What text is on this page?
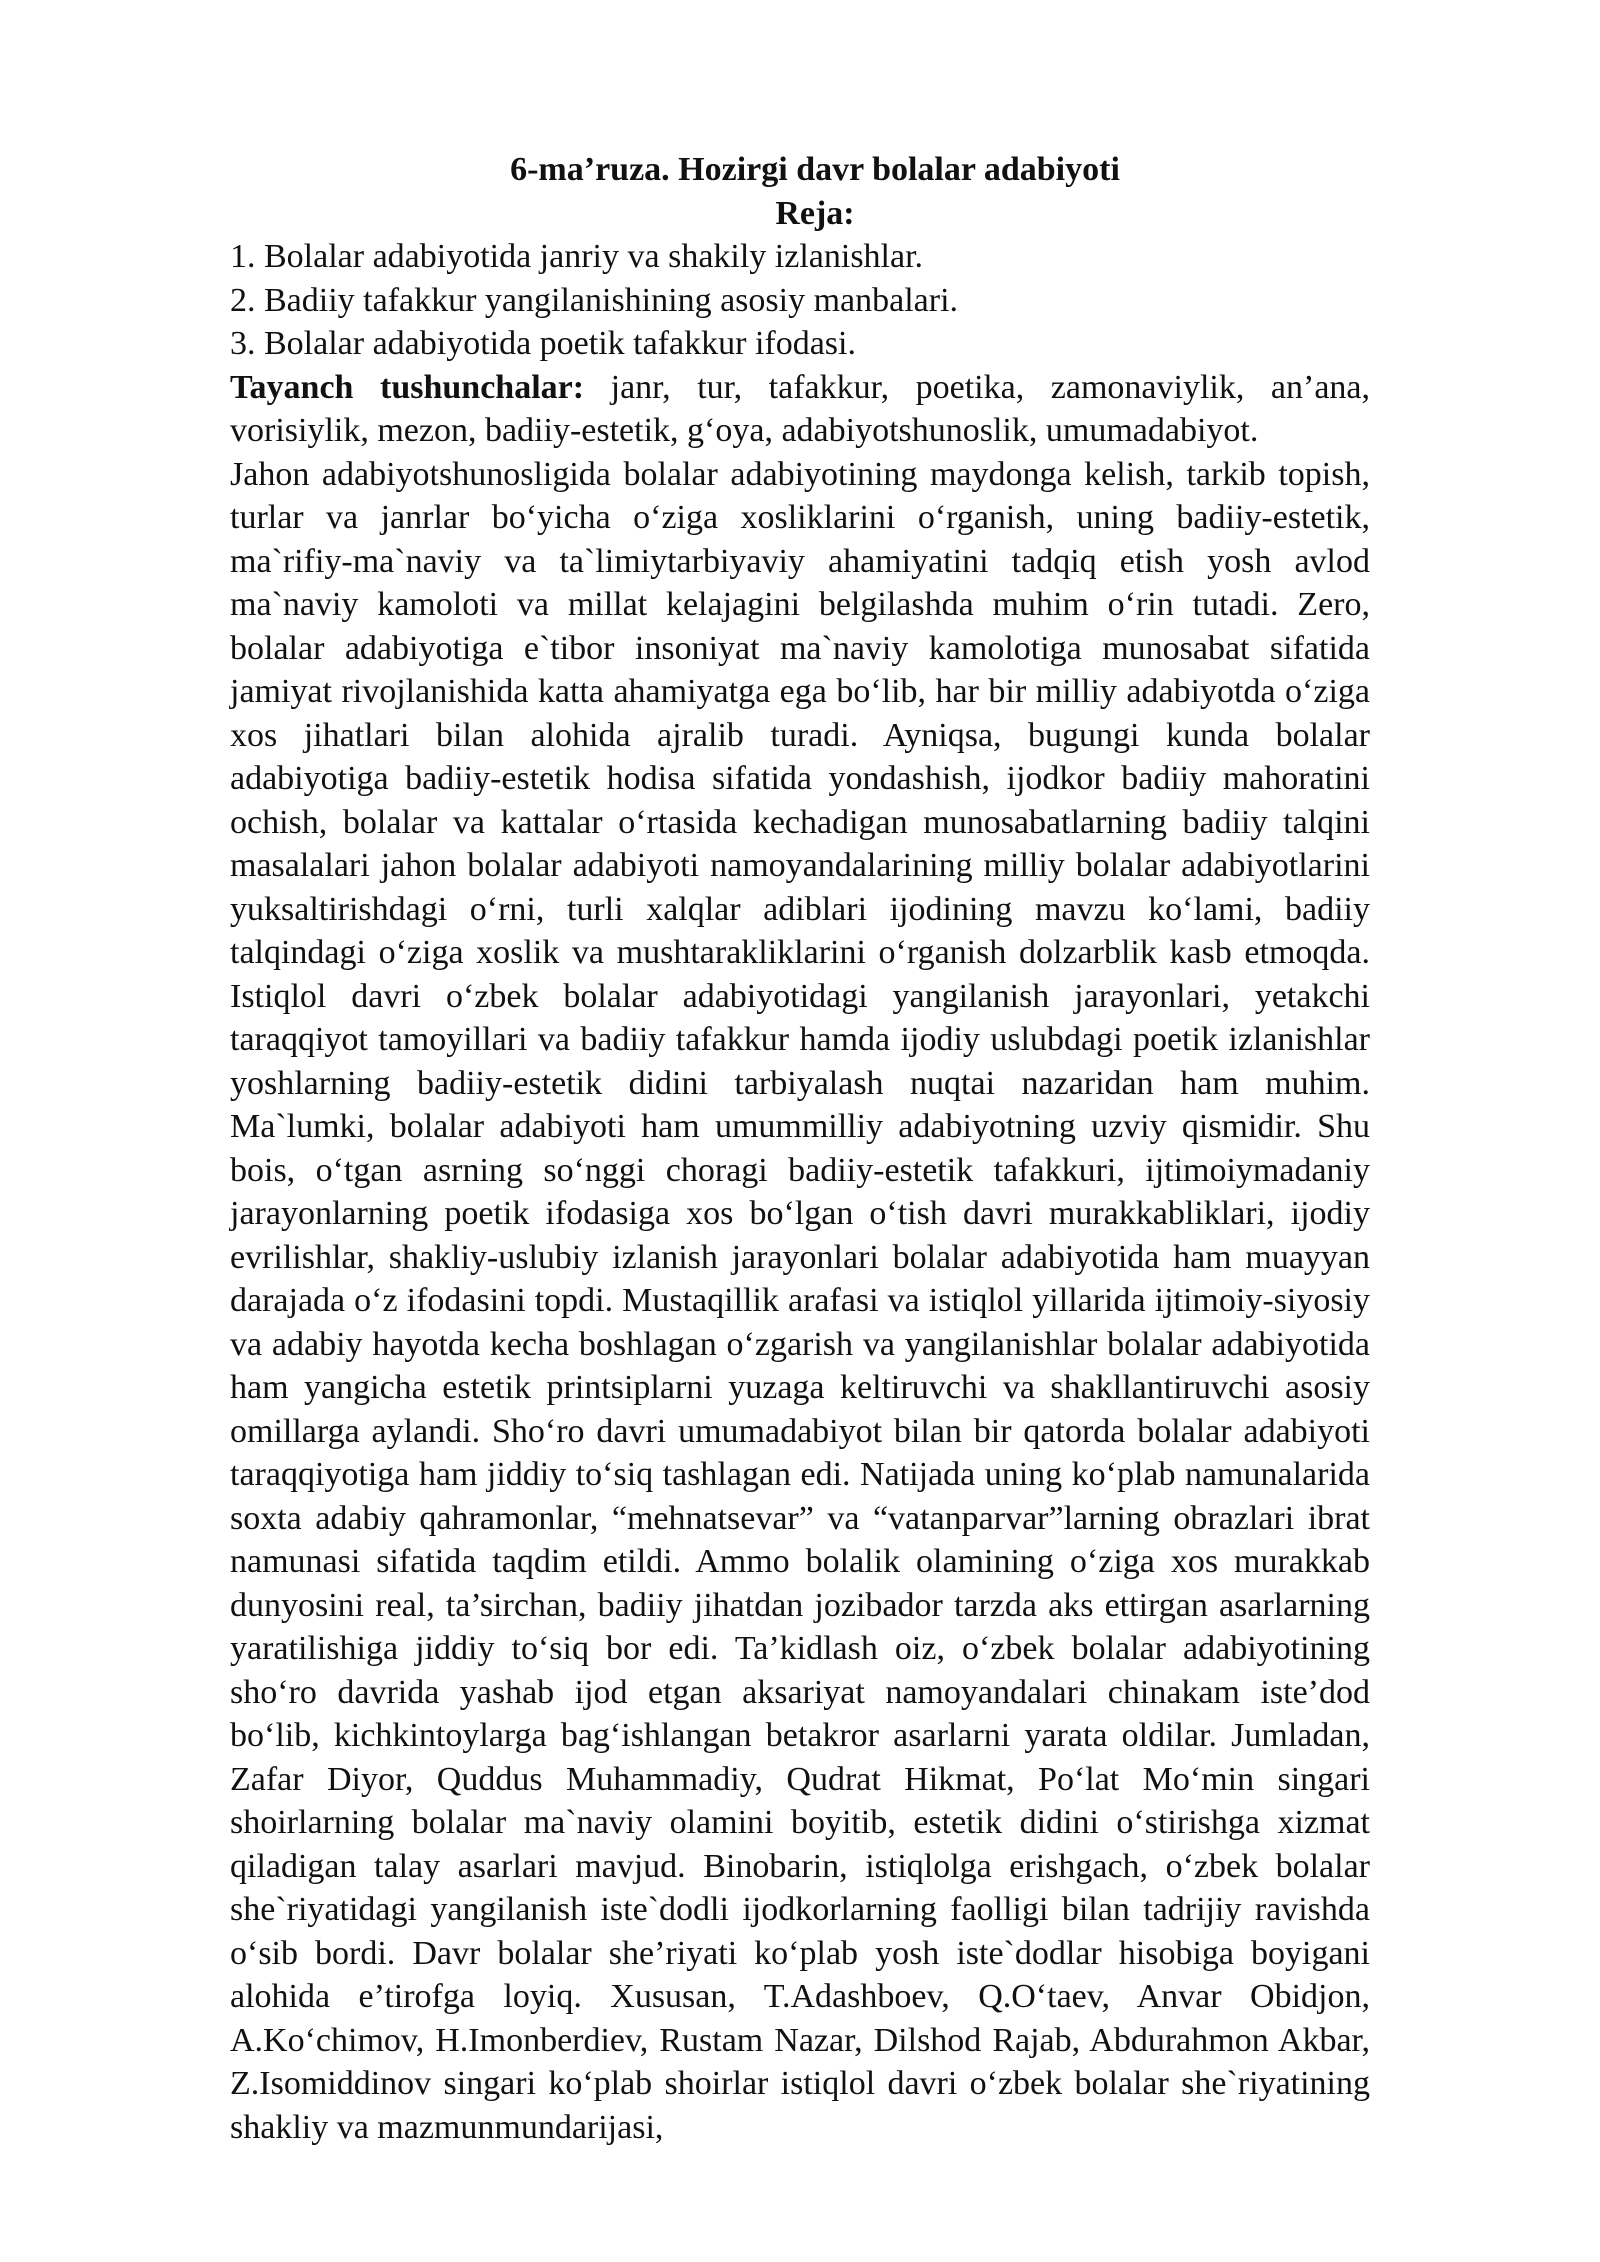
6-ma’ruza. Hozirgi davr bolalar adabiyoti

Reja:

1. Bolalar adabiyotida janriy va shakily izlanishlar.
2. Badiiy tafakkur yangilanishining asosiy manbalari.
3. Bolalar adabiyotida poetik tafakkur ifodasi.

Tayanch tushunchalar: janr, tur, tafakkur, poetika, zamonaviylik, an’ana, vorisiylik, mezon, badiiy-estetik, g‘oya, adabiyotshunoslik, umumadabiyot.

Jahon adabiyotshunosligida bolalar adabiyotining maydonga kelish, tarkib topish, turlar va janrlar bo‘yicha o‘ziga xosliklarini o‘rganish, uning badiiy-estetik, ma`rifiy-ma`naviy va ta`limiytarbiyaviy ahamiyatini tadqiq etish yosh avlod ma`naviy kamoloti va millat kelajagini belgilashda muhim o‘rin tutadi. Zero, bolalar adabiyotiga e`tibor insoniyat ma`naviy kamolotiga munosabat sifatida jamiyat rivojlanishida katta ahamiyatga ega bo‘lib, har bir milliy adabiyotda o‘ziga xos jihatlari bilan alohida ajralib turadi. Ayniqsa, bugungi kunda bolalar adabiyotiga badiiy-estetik hodisa sifatida yondashish, ijodkor badiiy mahoratini ochish, bolalar va kattalar o‘rtasida kechadigan munosabatlarning badiiy talqini masalalari jahon bolalar adabiyoti namoyandalarining milliy bolalar adabiyotlarini yuksaltirishdagi o‘rni, turli xalqlar adiblari ijodining mavzu ko‘lami, badiiy talqindagi o‘ziga xoslik va mushtarakliklarini o‘rganish dolzarblik kasb etmoqda. Istiqlol davri o‘zbek bolalar adabiyotidagi yangilanish jarayonlari, yetakchi taraqqiyot tamoyillari va badiiy tafakkur hamda ijodiy uslubdagi poetik izlanishlar yoshlarning badiiy-estetik didini tarbiyalash nuqtai nazaridan ham muhim. Ma`lumki, bolalar adabiyoti ham umummilliy adabiyotning uzviy qismidir. Shu bois, o‘tgan asrning so‘nggi choragi badiiy-estetik tafakkuri, ijtimoiymadaniy jarayonlarning poetik ifodasiga xos bo‘lgan o‘tish davri murakkabliklari, ijodiy evrilishlar, shakliy-uslubiy izlanish jarayonlari bolalar adabiyotida ham muayyan darajada o‘z ifodasini topdi. Mustaqillik arafasi va istiqlol yillarida ijtimoiy-siyosiy va adabiy hayotda kecha boshlagan o‘zgarish va yangilanishlar bolalar adabiyotida ham yangicha estetik printsiplarni yuzaga keltiruvchi va shakllantiruvchi asosiy omillarga aylandi. Sho‘ro davri umumadabiyot bilan bir qatorda bolalar adabiyoti taraqqiyotiga ham jiddiy to‘siq tashlagan edi. Natijada uning ko‘plab namunalarida soxta adabiy qahramonlar, “mehnatsevar” va “vatanparvar”larning obrazlari ibrat namunasi sifatida taqdim etildi. Ammo bolalik olamining o‘ziga xos murakkab dunyosini real, ta’sirchan, badiiy jihatdan jozibador tarzda aks ettirgan asarlarning yaratilishiga jiddiy to‘siq bor edi. Ta’kidlash oiz, o‘zbek bolalar adabiyotining sho‘ro davrida yashab ijod etgan aksariyat namoyandalari chinakam iste’dod bo‘lib, kichkintoylarga bag‘ishlangan betakror asarlarni yarata oldilar. Jumladan, Zafar Diyor, Quddus Muhammadiy, Qudrat Hikmat, Po‘lat Mo‘min singari shoirlarning bolalar ma`naviy olamini boyitib, estetik didini o‘stirishga xizmat qiladigan talay asarlari mavjud. Binobarin, istiqlolga erishgach, o‘zbek bolalar she`riyatidagi yangilanish iste`dodli ijodkorlarning faolligi bilan tadrijiy ravishda o‘sib bordi. Davr bolalar she’riyati ko‘plab yosh iste`dodlar hisobiga boyigani alohida e’tirofga loyiq. Xususan, T.Adashboev, Q.O‘taev, Anvar Obidjon, A.Ko‘chimov, H.Imonberdiev, Rustam Nazar, Dilshod Rajab, Abdurahmon Akbar, Z.Isomiddinov singari ko‘plab shoirlar istiqlol davri o‘zbek bolalar she`riyatining shakliy va mazmunmundarijasi,
